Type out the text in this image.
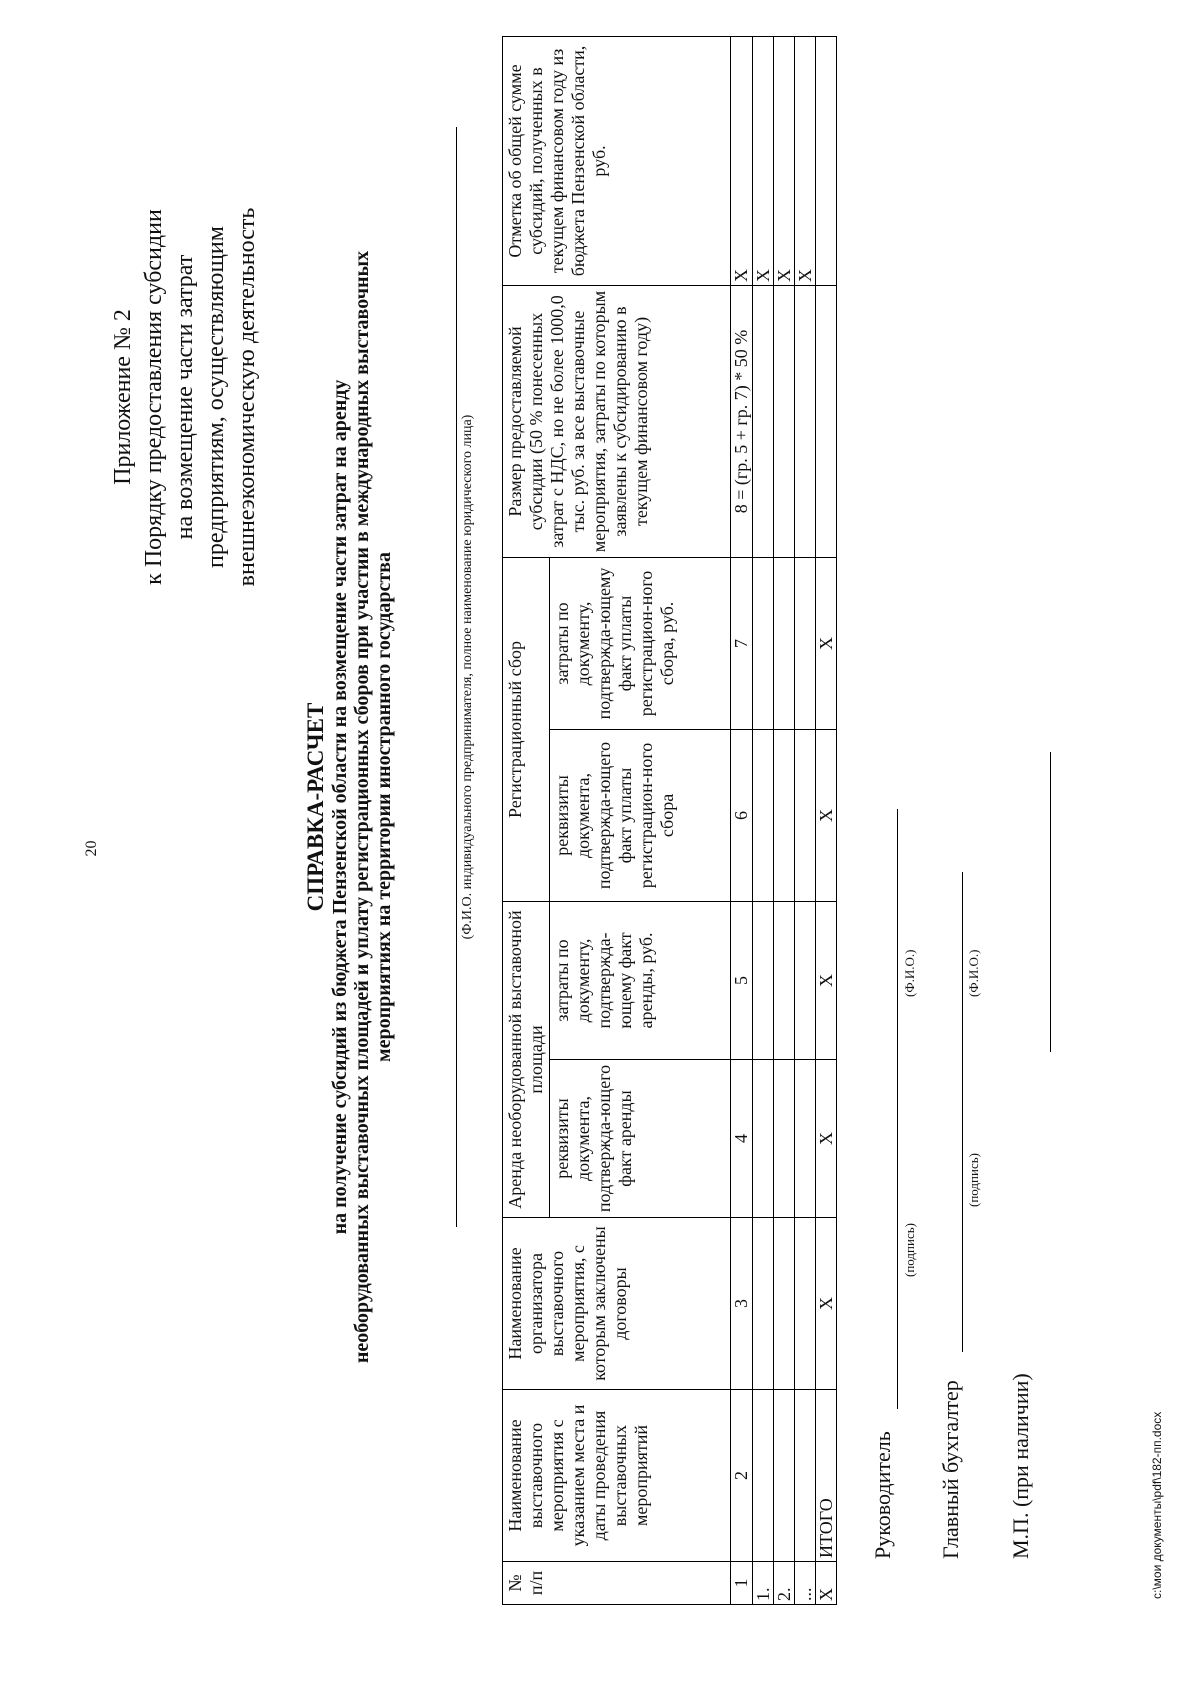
20
Приложение № 2 к Порядку предоставления субсидии на возмещение части затрат предприятиям, осуществляющим внешнеэкономическую деятельность
СПРАВКА-РАСЧЕТ на получение субсидий из бюджета Пензенской области на возмещение части затрат на аренду необорудованных выставочных площадей и уплату регистрационных сборов при участии в международных выставочных мероприятиях на территории иностранного государства	(Ф.И.О. индивидуального предпринимателя, полное наименование юридического лица)
№ п/п	Наименование выставочного мероприятия с указанием места и даты проведения выставочных мероприятий	Наименование организатора выставочного мероприятия, с которым заключены договоры	Аренда необорудованной выставочной площади		Регистрационный сбор		Размер предоставляемой субсидии (50 % понесенных затрат с НДС, но не более 1000,0 тыс. руб. за все выставочные мероприятия, затраты по которым заявлены к субсидированию в текущем финансовом году)	Отметка об общей сумме субсидий, полученных в текущем финансовом году из бюджета Пензенской области, руб.
			реквизиты документа, подтвержда-ющего факт аренды	затраты по документу, подтвержда-ющему факт аренды, руб.	реквизиты документа, подтвержда-ющего факт уплаты регистрацион-ного сбора	затраты по документу, подтвержда-ющему факт уплаты регистрацион-ного сбора, руб.		
1	2	3	4	5	6	7	8 = (гр. 5 + гр. 7) * 50 %	Х
1.								Х
2.								Х
...								Х
Х	ИТОГО	Х	Х	Х	Х	Х		
Руководитель
(подпись)
(Ф.И.О.)
Главный бухгалтер
(подпись)
(Ф.И.О.)
М.П. (при наличии)	c:\мои документы\pdf\182-пп.docx
